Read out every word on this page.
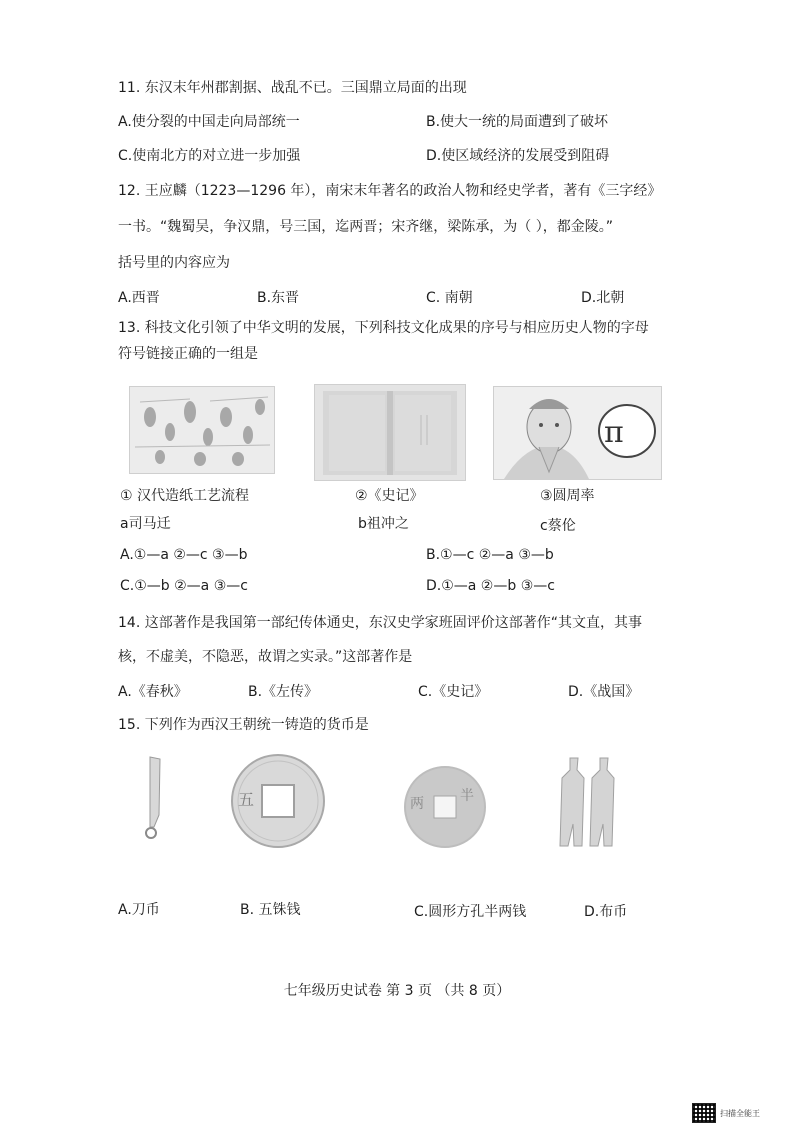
11. 东汉末年州郡割据、战乱不已。三国鼎立局面的出现
A.使分裂的中国走向局部统一	B.使大一统的局面遭到了破坏
C.使南北方的对立进一步加强	D.使区域经济的发展受到阻碍
12. 王应麟（1223—1296 年），南宋末年著名的政治人物和经史学者，著有《三字经》
一书。“魏蜀吴，争汉鼎，号三国，迄两晋；宋齐继，梁陈承，为（ ），都金陵。”
括号里的内容应为
A.西晋	B.东晋	C. 南朝	D.北朝
13. 科技文化引领了中华文明的发展，下列科技文化成果的序号与相应历史人物的字母
符号链接正确的一组是
π
① 汉代造纸工艺流程	②《史记》	③圆周率
a司马迁	b祖冲之	c蔡伦
A.①—a ②—c ③—b	B.①—c ②—a ③—b
C.①—b ②—a ③—c	D.①—a ②—b ③—c
14. 这部著作是我国第一部纪传体通史，东汉史学家班固评价这部著作“其文直，其事
核，不虚美，不隐恶，故谓之实录。”这部著作是
A.《春秋》	B.《左传》	C.《史记》	D.《战国》
15. 下列作为西汉王朝统一铸造的货币是
五	两	半
A.刀币	B. 五铢钱	C.圆形方孔半两钱	D.布币
七年级历史试卷 第 3 页 （共 8 页）
扫描全能王
